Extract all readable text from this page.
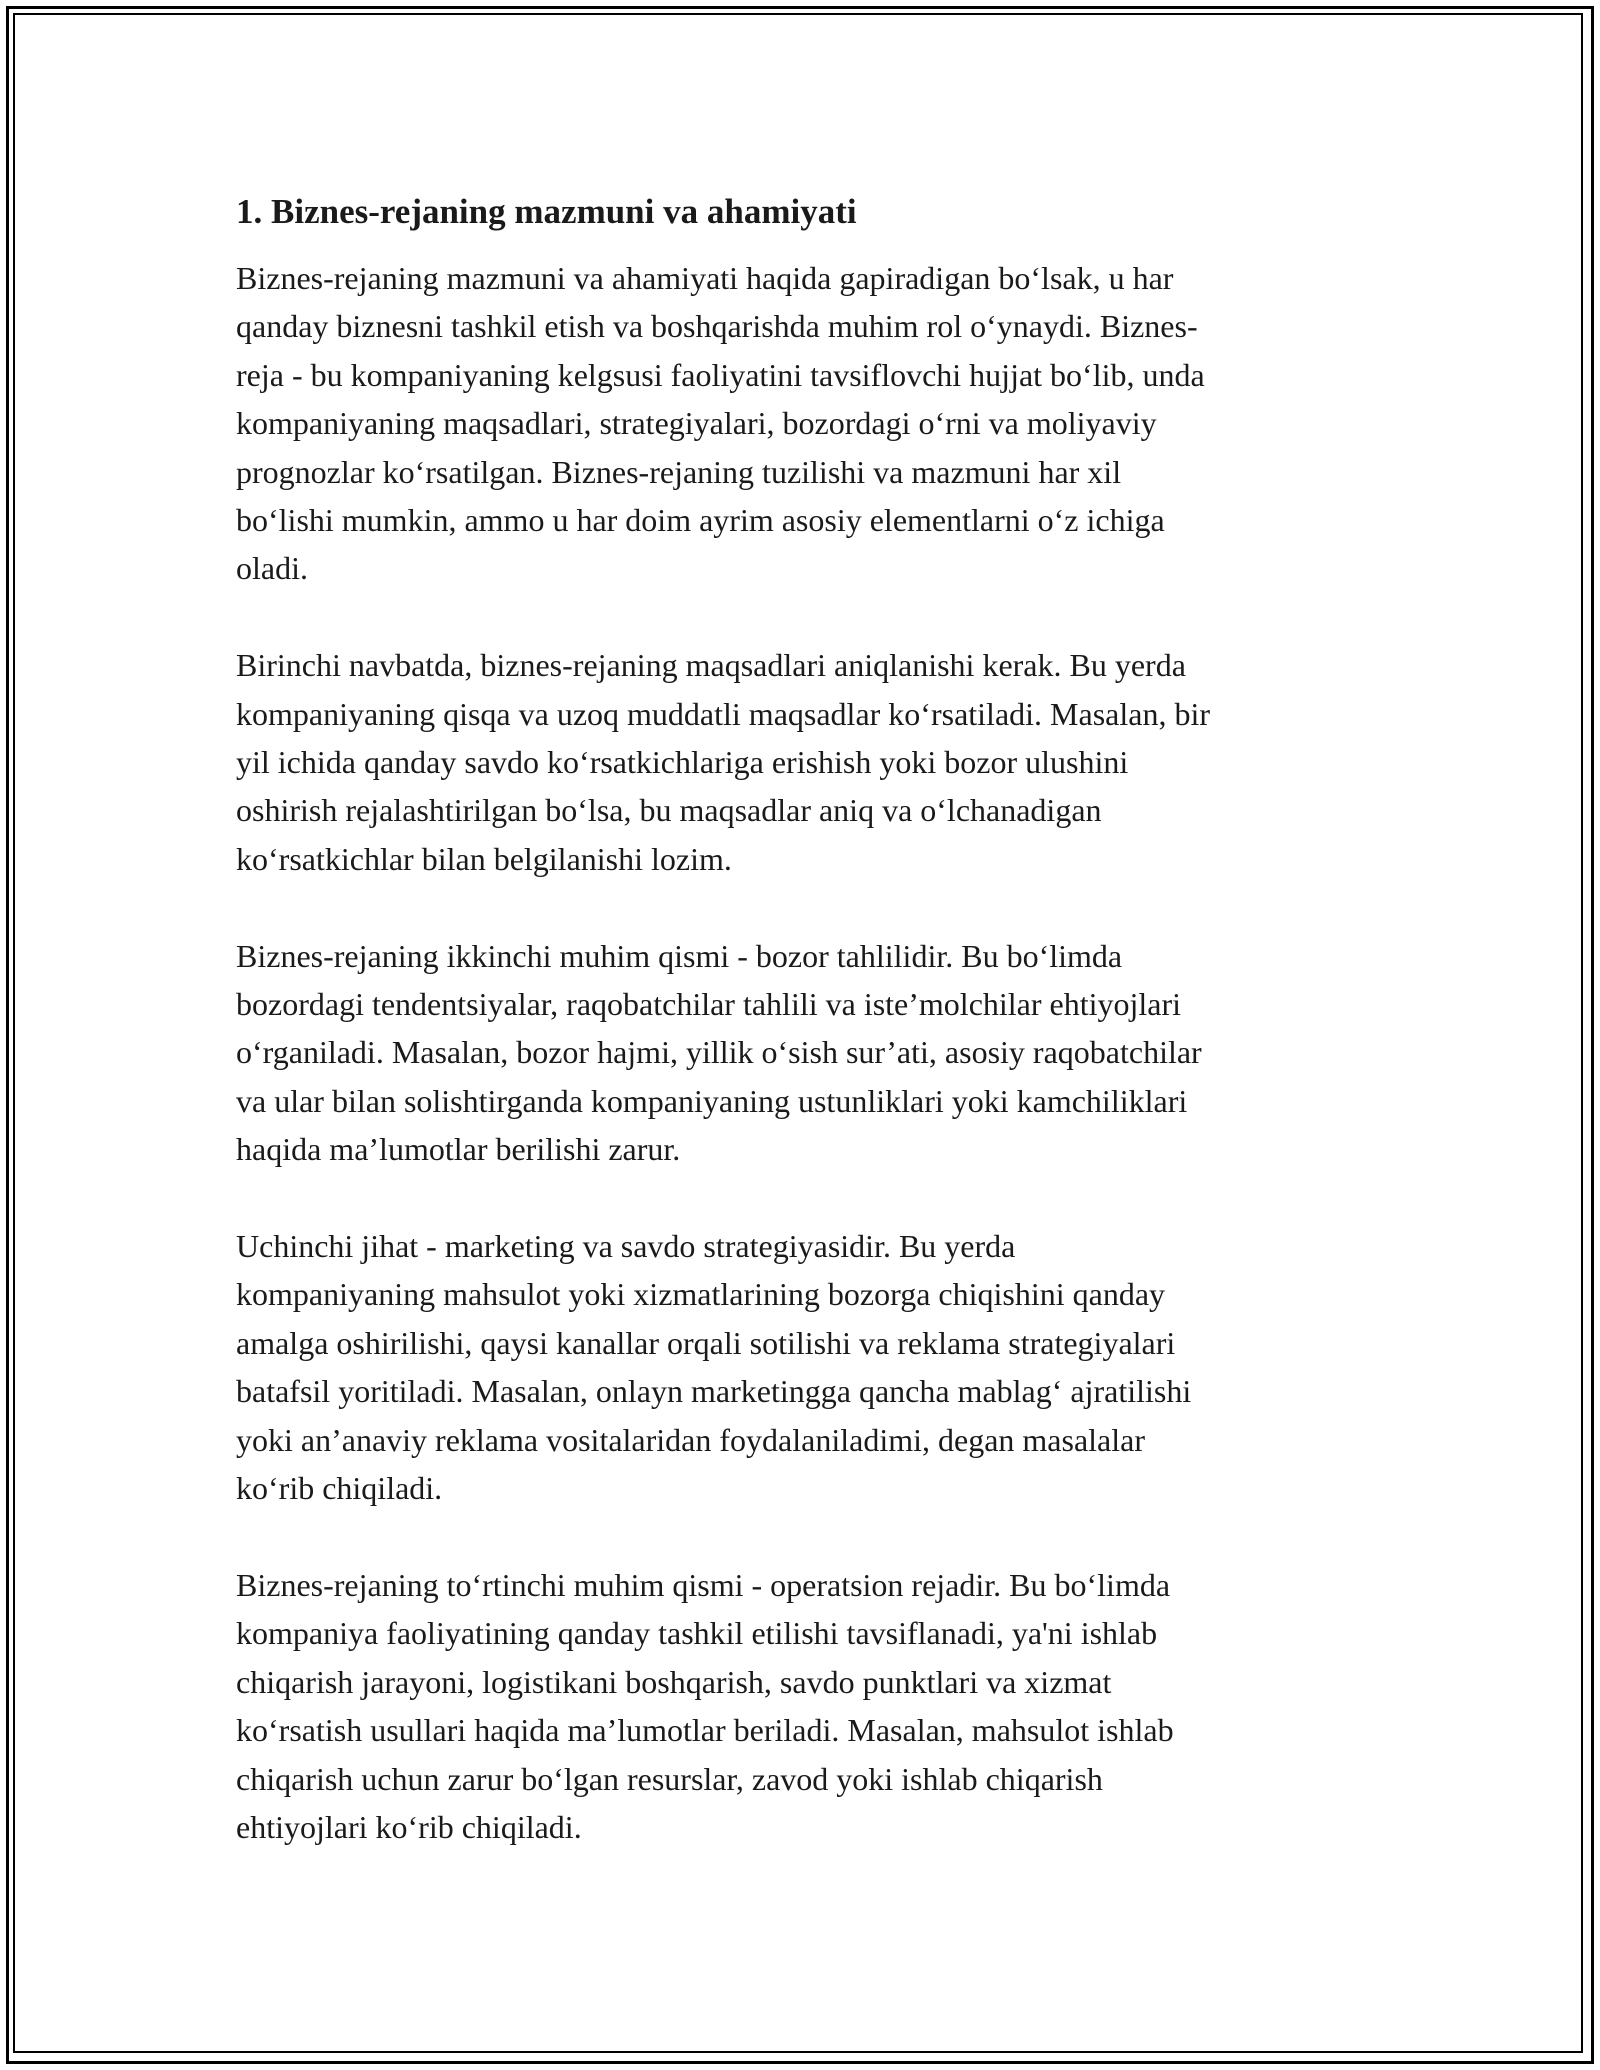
1. Biznes-rejaning mazmuni va ahamiyati

Biznes-rejaning mazmuni va ahamiyati haqida gapiradigan bo‘lsak, u har
qanday biznesni tashkil etish va boshqarishda muhim rol o‘ynaydi. Biznes-
reja - bu kompaniyaning kelgsusi faoliyatini tavsiflovchi hujjat bo‘lib, unda
kompaniyaning maqsadlari, strategiyalari, bozordagi o‘rni va moliyaviy
prognozlar ko‘rsatilgan. Biznes-rejaning tuzilishi va mazmuni har xil
bo‘lishi mumkin, ammo u har doim ayrim asosiy elementlarni o‘z ichiga
oladi.

Birinchi navbatda, biznes-rejaning maqsadlari aniqlanishi kerak. Bu yerda
kompaniyaning qisqa va uzoq muddatli maqsadlar ko‘rsatiladi. Masalan, bir
yil ichida qanday savdo ko‘rsatkichlariga erishish yoki bozor ulushini
oshirish rejalashtirilgan bo‘lsa, bu maqsadlar aniq va o‘lchanadigan
ko‘rsatkichlar bilan belgilanishi lozim.

Biznes-rejaning ikkinchi muhim qismi - bozor tahlilidir. Bu bo‘limda
bozordagi tendentsiyalar, raqobatchilar tahlili va iste’molchilar ehtiyojlari
o‘rganiladi. Masalan, bozor hajmi, yillik o‘sish sur’ati, asosiy raqobatchilar
va ular bilan solishtirganda kompaniyaning ustunliklari yoki kamchiliklari
haqida ma’lumotlar berilishi zarur.

Uchinchi jihat - marketing va savdo strategiyasidir. Bu yerda
kompaniyaning mahsulot yoki xizmatlarining bozorga chiqishini qanday
amalga oshirilishi, qaysi kanallar orqali sotilishi va reklama strategiyalari
batafsil yoritiladi. Masalan, onlayn marketingga qancha mablag‘ ajratilishi
yoki an’anaviy reklama vositalaridan foydalaniladimi, degan masalalar
ko‘rib chiqiladi.

Biznes-rejaning to‘rtinchi muhim qismi - operatsion rejadir. Bu bo‘limda
kompaniya faoliyatining qanday tashkil etilishi tavsiflanadi, ya'ni ishlab
chiqarish jarayoni, logistikani boshqarish, savdo punktlari va xizmat
ko‘rsatish usullari haqida ma’lumotlar beriladi. Masalan, mahsulot ishlab
chiqarish uchun zarur bo‘lgan resurslar, zavod yoki ishlab chiqarish
ehtiyojlari ko‘rib chiqiladi.
